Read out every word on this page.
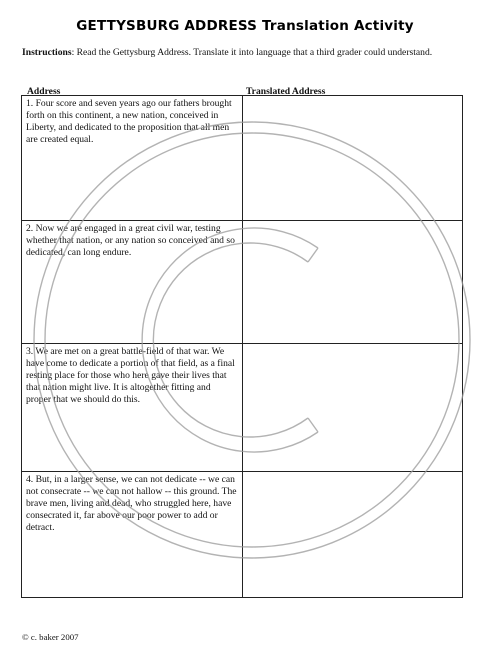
GETTYSBURG ADDRESS Translation Activity
Instructions: Read the Gettysburg Address. Translate it into language that a third grader could understand.
Address	Translated Address
1. Four score and seven years ago our fathers brought forth on this continent, a new nation, conceived in Liberty, and dedicated to the proposition that all men are created equal.
2. Now we are engaged in a great civil war, testing whether that nation, or any nation so conceived and so dedicated, can long endure.
3. We are met on a great battle-field of that war. We have come to dedicate a portion of that field, as a final resting place for those who here gave their lives that that nation might live. It is altogether fitting and proper that we should do this.
4. But, in a larger sense, we can not dedicate -- we can not consecrate -- we can not hallow -- this ground. The brave men, living and dead, who struggled here, have consecrated it, far above our poor power to add or detract.
© c. baker 2007
